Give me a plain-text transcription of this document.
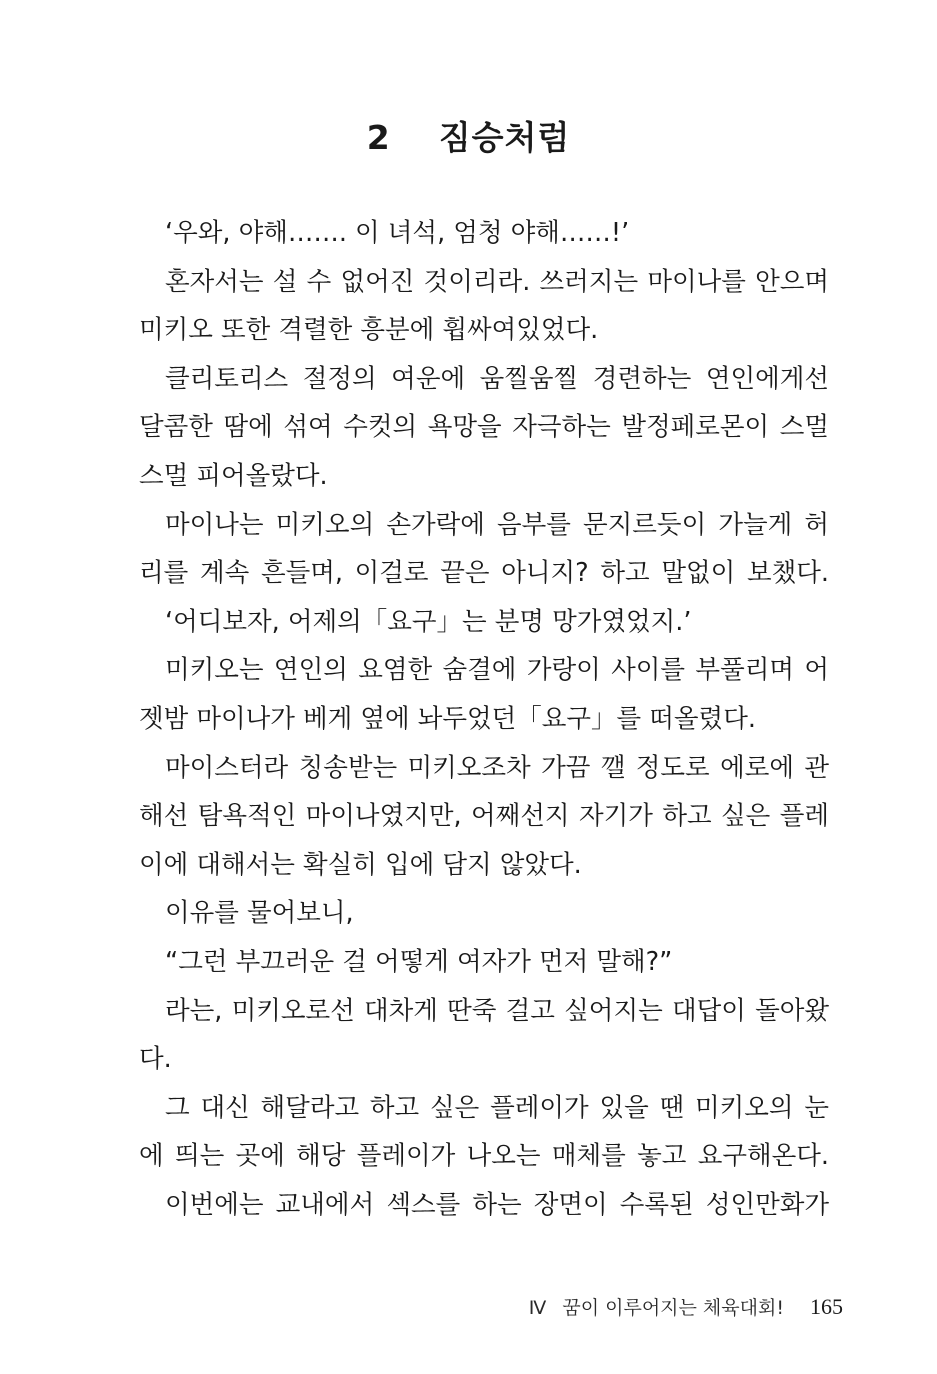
2 짐승처럼
‘우와, 야해……. 이 녀석, 엄청 야해……!’
혼자서는 설 수 없어진 것이리라. 쓰러지는 마이나를 안으며
미키오 또한 격렬한 흥분에 휩싸여있었다.
클리토리스 절정의 여운에 움찔움찔 경련하는 연인에게선
달콤한 땀에 섞여 수컷의 욕망을 자극하는 발정페로몬이 스멀
스멀 피어올랐다.
마이나는 미키오의 손가락에 음부를 문지르듯이 가늘게 허
리를 계속 흔들며, 이걸로 끝은 아니지? 하고 말없이 보챘다.
‘어디보자, 어제의「요구」는 분명 망가였었지.’
미키오는 연인의 요염한 숨결에 가랑이 사이를 부풀리며 어
젯밤 마이나가 베게 옆에 놔두었던「요구」를 떠올렸다.
마이스터라 칭송받는 미키오조차 가끔 깰 정도로 에로에 관
해선 탐욕적인 마이나였지만, 어째선지 자기가 하고 싶은 플레
이에 대해서는 확실히 입에 담지 않았다.
이유를 물어보니,
“그런 부끄러운 걸 어떻게 여자가 먼저 말해?”
라는, 미키오로선 대차게 딴죽 걸고 싶어지는 대답이 돌아왔
다.
그 대신 해달라고 하고 싶은 플레이가 있을 땐 미키오의 눈
에 띄는 곳에 해당 플레이가 나오는 매체를 놓고 요구해온다.
이번에는 교내에서 섹스를 하는 장면이 수록된 성인만화가
Ⅳ 꿈이 이루어지는 체육대회! 165
